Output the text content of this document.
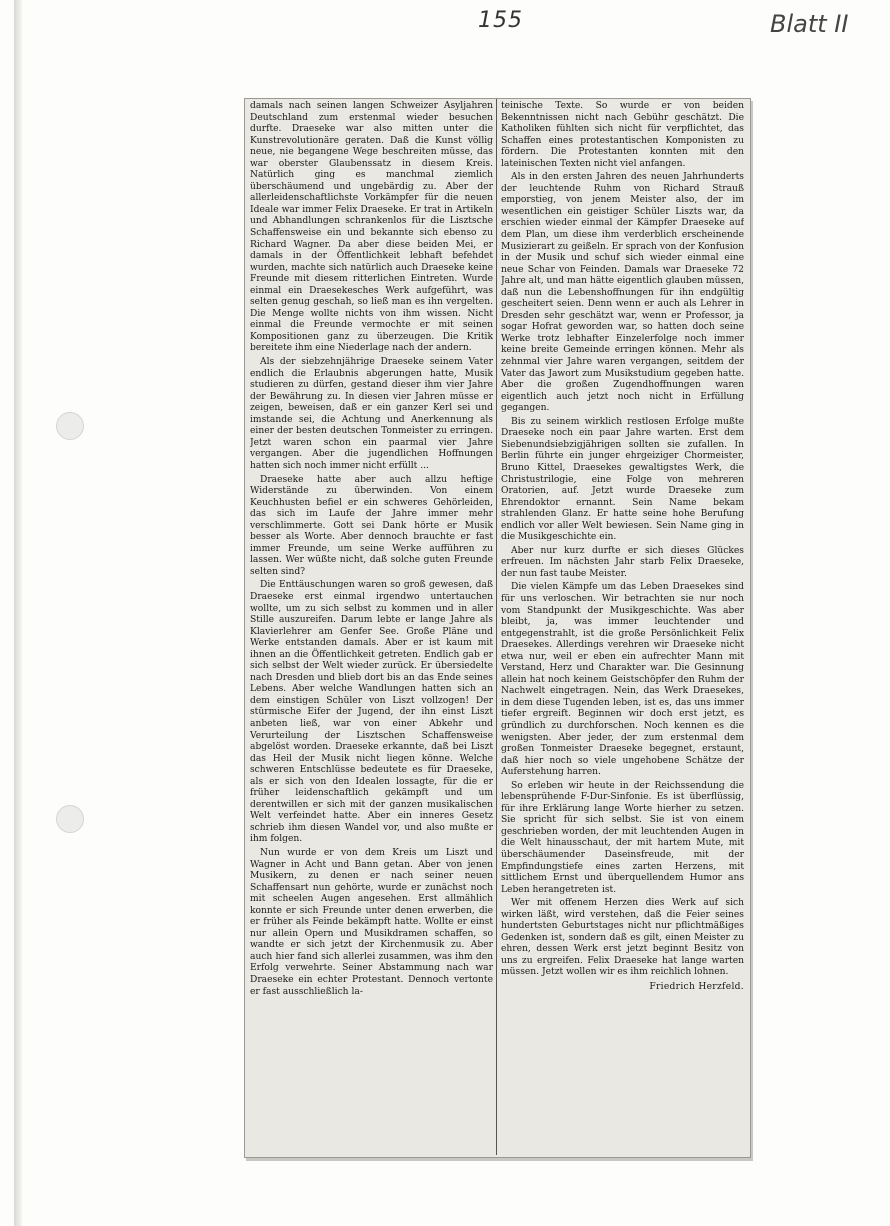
155	Blatt II

damals nach seinen langen Schweizer Asyljahren Deutschland zum erstenmal wieder besuchen durfte. Draeseke war also mitten unter die Kunstrevolutionäre geraten. Daß die Kunst völlig neue, nie begangene Wege beschreiten müsse, das war oberster Glaubenssatz in diesem Kreis. Natürlich ging es manchmal ziemlich überschäumend und ungebärdig zu. Aber der allerleidenschaftlichste Vorkämpfer für die neuen Ideale war immer Felix Draeseke. Er trat in Artikeln und Abhandlungen schrankenlos für die Lisztsche Schaffensweise ein und bekannte sich ebenso zu Richard Wagner. Da aber diese beiden Mei, er damals in der Öffentlichkeit lebhaft befehdet wurden, machte sich natürlich auch Draeseke keine Freunde mit diesem ritterlichen Eintreten. Wurde einmal ein Draesekesches Werk aufgeführt, was selten genug geschah, so ließ man es ihn vergelten. Die Menge wollte nichts von ihm wissen. Nicht einmal die Freunde vermochte er mit seinen Kompositionen ganz zu überzeugen. Die Kritik bereitete ihm eine Niederlage nach der andern.

Als der siebzehnjährige Draeseke seinem Vater endlich die Erlaubnis abgerungen hatte, Musik studieren zu dürfen, gestand dieser ihm vier Jahre der Bewährung zu. In diesen vier Jahren müsse er zeigen, beweisen, daß er ein ganzer Kerl sei und imstande sei, die Achtung und Anerkennung als einer der besten deutschen Tonmeister zu erringen. Jetzt waren schon ein paarmal vier Jahre vergangen. Aber die jugendlichen Hoffnungen hatten sich noch immer nicht erfüllt ...

Draeseke hatte aber auch allzu heftige Widerstände zu überwinden. Von einem Keuchhusten befiel er ein schweres Gehörleiden, das sich im Laufe der Jahre immer mehr verschlimmerte. Gott sei Dank hörte er Musik besser als Worte. Aber dennoch brauchte er fast immer Freunde, um seine Werke aufführen zu lassen. Wer wüßte nicht, daß solche guten Freunde selten sind?

Die Enttäuschungen waren so groß gewesen, daß Draeseke erst einmal irgendwo untertauchen wollte, um zu sich selbst zu kommen und in aller Stille auszureifen. Darum lebte er lange Jahre als Klavierlehrer am Genfer See. Große Pläne und Werke entstanden damals. Aber er ist kaum mit ihnen an die Öffentlichkeit getreten. Endlich gab er sich selbst der Welt wieder zurück. Er übersiedelte nach Dresden und blieb dort bis an das Ende seines Lebens. Aber welche Wandlungen hatten sich an dem einstigen Schüler von Liszt vollzogen! Der stürmische Eifer der Jugend, der ihn einst Liszt anbeten ließ, war von einer Abkehr und Verurteilung der Lisztschen Schaffensweise abgelöst worden. Draeseke erkannte, daß bei Liszt das Heil der Musik nicht liegen könne. Welche schweren Entschlüsse bedeutete es für Draeseke, als er sich von den Idealen lossagte, für die er früher leidenschaftlich gekämpft und um derentwillen er sich mit der ganzen musikalischen Welt verfeindet hatte. Aber ein inneres Gesetz schrieb ihm diesen Wandel vor, und also mußte er ihm folgen.

Nun wurde er von dem Kreis um Liszt und Wagner in Acht und Bann getan. Aber von jenen Musikern, zu denen er nach seiner neuen Schaffensart nun gehörte, wurde er zunächst noch mit scheelen Augen angesehen. Erst allmählich konnte er sich Freunde unter denen erwerben, die er früher als Feinde bekämpft hatte. Wollte er einst nur allein Opern und Musikdramen schaffen, so wandte er sich jetzt der Kirchenmusik zu. Aber auch hier fand sich allerlei zusammen, was ihm den Erfolg verwehrte. Seiner Abstammung nach war Draeseke ein echter Protestant. Dennoch vertonte er fast ausschließlich la-

teinische Texte. So wurde er von beiden Bekenntnissen nicht nach Gebühr geschätzt. Die Katholiken fühlten sich nicht für verpflichtet, das Schaffen eines protestantischen Komponisten zu fördern. Die Protestanten konnten mit den lateinischen Texten nicht viel anfangen.

Als in den ersten Jahren des neuen Jahrhunderts der leuchtende Ruhm von Richard Strauß emporstieg, von jenem Meister also, der im wesentlichen ein geistiger Schüler Liszts war, da erschien wieder einmal der Kämpfer Draeseke auf dem Plan, um diese ihm verderblich erscheinende Musizierart zu geißeln. Er sprach von der Konfusion in der Musik und schuf sich wieder einmal eine neue Schar von Feinden. Damals war Draeseke 72 Jahre alt, und man hätte eigentlich glauben müssen, daß nun die Lebenshoffnungen für ihn endgültig gescheitert seien. Denn wenn er auch als Lehrer in Dresden sehr geschätzt war, wenn er Professor, ja sogar Hofrat geworden war, so hatten doch seine Werke trotz lebhafter Einzelerfolge noch immer keine breite Gemeinde erringen können. Mehr als zehnmal vier Jahre waren vergangen, seitdem der Vater das Jawort zum Musikstudium gegeben hatte. Aber die großen Zugendhoffnungen waren eigentlich auch jetzt noch nicht in Erfüllung gegangen.

Bis zu seinem wirklich restlosen Erfolge mußte Draeseke noch ein paar Jahre warten. Erst dem Siebenundsiebzigjährigen sollten sie zufallen. In Berlin führte ein junger ehrgeiziger Chormeister, Bruno Kittel, Draesekes gewaltigstes Werk, die Christustrilogie, eine Folge von mehreren Oratorien, auf. Jetzt wurde Draeseke zum Ehrendoktor ernannt. Sein Name bekam strahlenden Glanz. Er hatte seine hohe Berufung endlich vor aller Welt bewiesen. Sein Name ging in die Musikgeschichte ein.

Aber nur kurz durfte er sich dieses Glückes erfreuen. Im nächsten Jahr starb Felix Draeseke, der nun fast taube Meister.

Die vielen Kämpfe um das Leben Draesekes sind für uns verloschen. Wir betrachten sie nur noch vom Standpunkt der Musikgeschichte. Was aber bleibt, ja, was immer leuchtender und entgegenstrahlt, ist die große Persönlichkeit Felix Draesekes. Allerdings verehren wir Draeseke nicht etwa nur, weil er eben ein aufrechter Mann mit Verstand, Herz und Charakter war. Die Gesinnung allein hat noch keinem Geistschöpfer den Ruhm der Nachwelt eingetragen. Nein, das Werk Draesekes, in dem diese Tugenden leben, ist es, das uns immer tiefer ergreift. Beginnen wir doch erst jetzt, es gründlich zu durchforschen. Noch kennen es die wenigsten. Aber jeder, der zum erstenmal dem großen Tonmeister Draeseke begegnet, erstaunt, daß hier noch so viele ungehobene Schätze der Auferstehung harren.

So erleben wir heute in der Reichssendung die lebensprühende F-Dur-Sinfonie. Es ist überflüssig, für ihre Erklärung lange Worte hierher zu setzen. Sie spricht für sich selbst. Sie ist von einem geschrieben worden, der mit leuchtenden Augen in die Welt hinausschaut, der mit hartem Mute, mit überschäumender Daseinsfreude, mit der Empfindungstiefe eines zarten Herzens, mit sittlichem Ernst und überquellendem Humor ans Leben herangetreten ist.

Wer mit offenem Herzen dies Werk auf sich wirken läßt, wird verstehen, daß die Feier seines hundertsten Geburtstages nicht nur pflichtmäßiges Gedenken ist, sondern daß es gilt, einen Meister zu ehren, dessen Werk erst jetzt beginnt Besitz von uns zu ergreifen. Felix Draeseke hat lange warten müssen. Jetzt wollen wir es ihm reichlich lohnen.

Friedrich Herzfeld.
